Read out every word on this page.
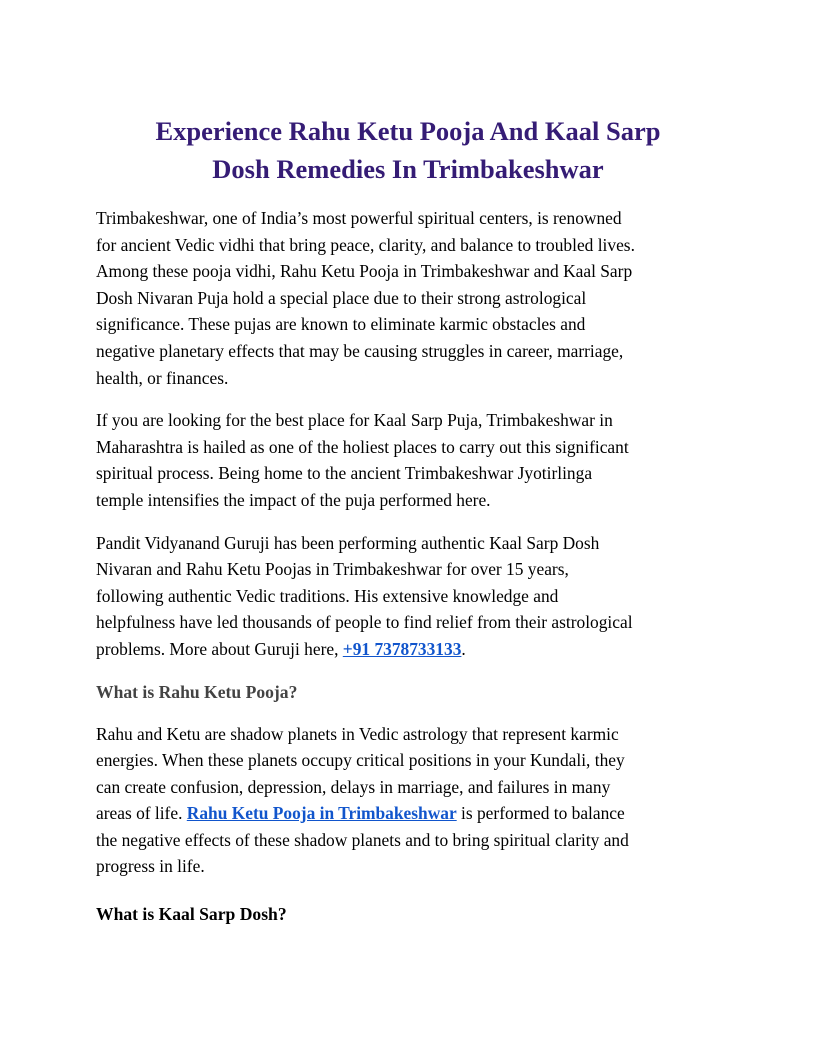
Experience Rahu Ketu Pooja And Kaal Sarp
Dosh Remedies In Trimbakeshwar

Trimbakeshwar, one of India’s most powerful spiritual centers, is renowned
for ancient Vedic vidhi that bring peace, clarity, and balance to troubled lives.
Among these pooja vidhi, Rahu Ketu Pooja in Trimbakeshwar and Kaal Sarp
Dosh Nivaran Puja hold a special place due to their strong astrological
significance. These pujas are known to eliminate karmic obstacles and
negative planetary effects that may be causing struggles in career, marriage,
health, or finances.

If you are looking for the best place for Kaal Sarp Puja, Trimbakeshwar in
Maharashtra is hailed as one of the holiest places to carry out this significant
spiritual process. Being home to the ancient Trimbakeshwar Jyotirlinga
temple intensifies the impact of the puja performed here.

Pandit Vidyanand Guruji has been performing authentic Kaal Sarp Dosh
Nivaran and Rahu Ketu Poojas in Trimbakeshwar for over 15 years,
following authentic Vedic traditions. His extensive knowledge and
helpfulness have led thousands of people to find relief from their astrological
problems. More about Guruji here, +91 7378733133.

What is Rahu Ketu Pooja?

Rahu and Ketu are shadow planets in Vedic astrology that represent karmic
energies. When these planets occupy critical positions in your Kundali, they
can create confusion, depression, delays in marriage, and failures in many
areas of life. Rahu Ketu Pooja in Trimbakeshwar is performed to balance
the negative effects of these shadow planets and to bring spiritual clarity and
progress in life.

What is Kaal Sarp Dosh?
